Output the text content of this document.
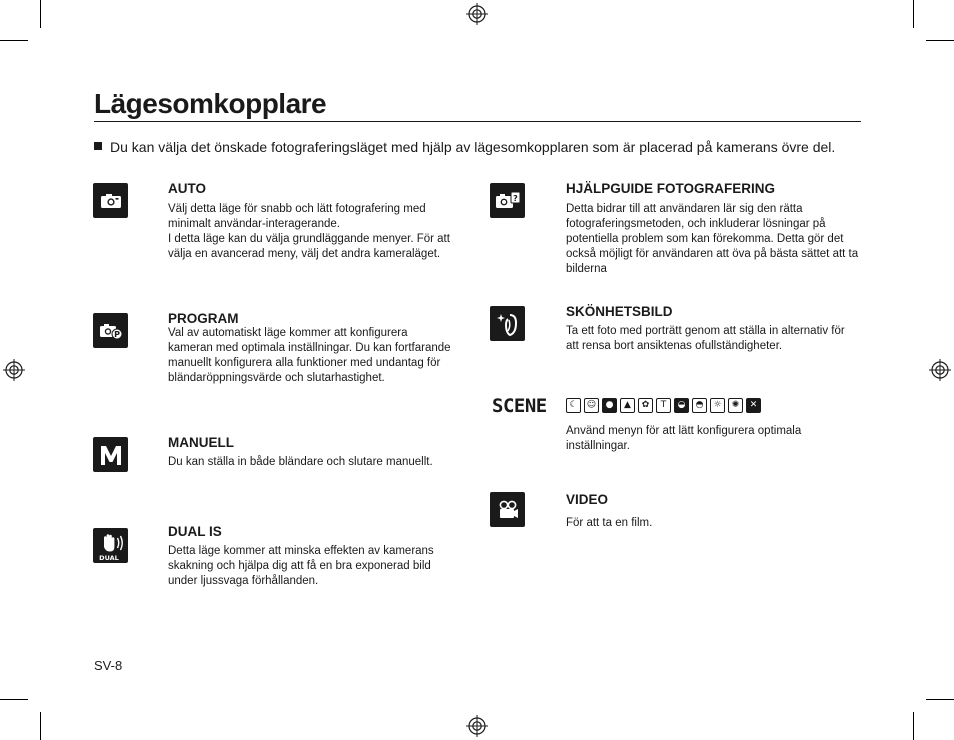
Lägesomkopplare
Du kan välja det önskade fotograferingsläget med hjälp av lägesomkopplaren som är placerad på kamerans övre del.
AUTO
Välj detta läge för snabb och lätt fotografering med
minimalt användar-interagerande.
I detta läge kan du välja grundläggande menyer. För att
välja en avancerad meny, välj det andra kameraläget.
P
PROGRAM
Val av automatiskt läge kommer att konfigurera
kameran med optimala inställningar. Du kan fortfarande
manuellt konfigurera alla funktioner med undantag för
bländaröppningsvärde och slutarhastighet.
MANUELL
Du kan ställa in både bländare och slutare manuellt.
DUAL
DUAL IS
Detta läge kommer att minska effekten av kamerans
skakning och hjälpa dig att få en bra exponerad bild
under ljussvaga förhållanden.
?
HJÄLPGUIDE FOTOGRAFERING
Detta bidrar till att användaren lär sig den rätta
fotograferingsmetoden, och inkluderar lösningar på
potentiella problem som kan förekomma. Detta gör det
också möjligt för användaren att öva på bästa sättet att ta
bilderna
SKÖNHETSBILD
Ta ett foto med porträtt genom att ställa in alternativ för
att rensa bort ansiktenas ofullständigheter.
SCENE	☾	☺	●	▲	✿	T	◒	◓	☼	✺	✕
Använd menyn för att lätt konfigurera optimala
inställningar.
VIDEO
För att ta en film.
SV-8
